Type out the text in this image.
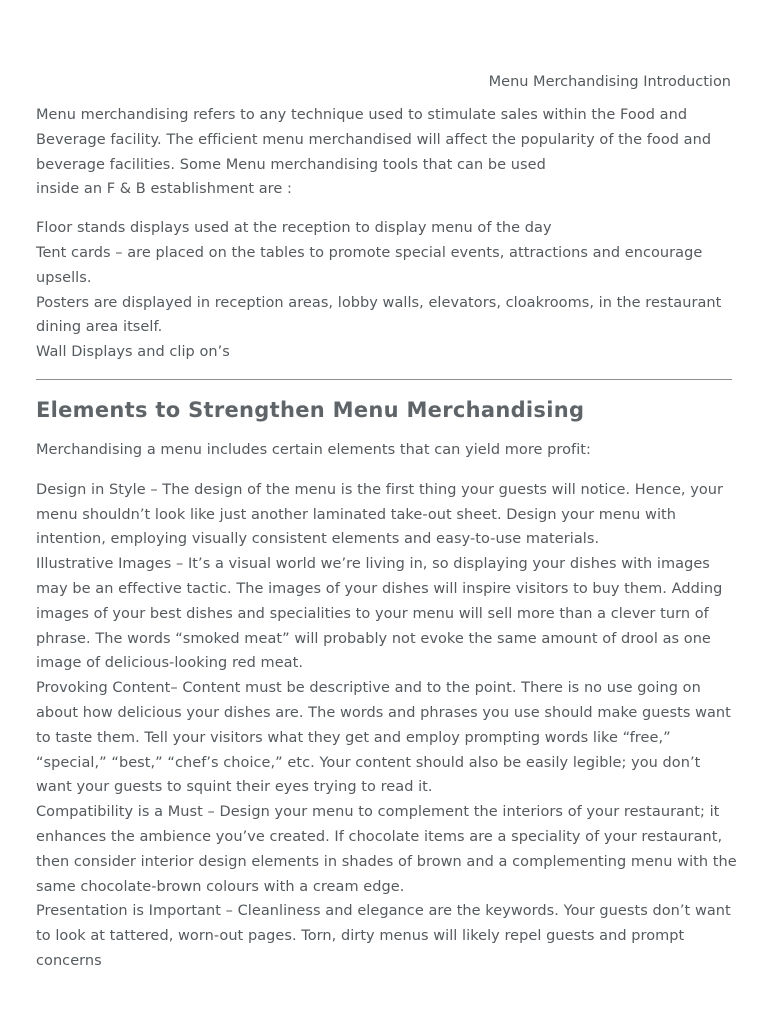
Menu Merchandising Introduction

Menu merchandising refers to any technique used to stimulate sales within the Food and Beverage facility. The efficient menu merchandised will affect the popularity of the food and beverage facilities. Some Menu merchandising tools that can be used

inside an F & B establishment are :

Floor stands displays used at the reception to display menu of the day

Tent cards – are placed on the tables to promote special events, attractions and encourage upsells.

Posters are displayed in reception areas, lobby walls, elevators, cloakrooms, in the restaurant dining area itself.

Wall Displays and clip on’s

Elements to Strengthen Menu Merchandising

Merchandising a menu includes certain elements that can yield more profit:

Design in Style – The design of the menu is the first thing your guests will notice. Hence, your menu shouldn’t look like just another laminated take-out sheet. Design your menu with intention, employing visually consistent elements and easy-to-use materials.

Illustrative Images – It’s a visual world we’re living in, so displaying your dishes with images may be an effective tactic. The images of your dishes will inspire visitors to buy them. Adding images of your best dishes and specialities to your menu will sell more than a clever turn of phrase. The words “smoked meat” will probably not evoke the same amount of drool as one image of delicious-looking red meat.

Provoking Content– Content must be descriptive and to the point. There is no use going on about how delicious your dishes are. The words and phrases you use should make guests want to taste them. Tell your visitors what they get and employ prompting words like “free,” “special,” “best,” “chef’s choice,” etc. Your content should also be easily legible; you don’t want your guests to squint their eyes trying to read it.

Compatibility is a Must – Design your menu to complement the interiors of your restaurant; it enhances the ambience you’ve created. If chocolate items are a speciality of your restaurant, then consider interior design elements in shades of brown and a complementing menu with the same chocolate-brown colours with a cream edge.

Presentation is Important – Cleanliness and elegance are the keywords. Your guests don’t want to look at tattered, worn-out pages. Torn, dirty menus will likely repel guests and prompt concerns
